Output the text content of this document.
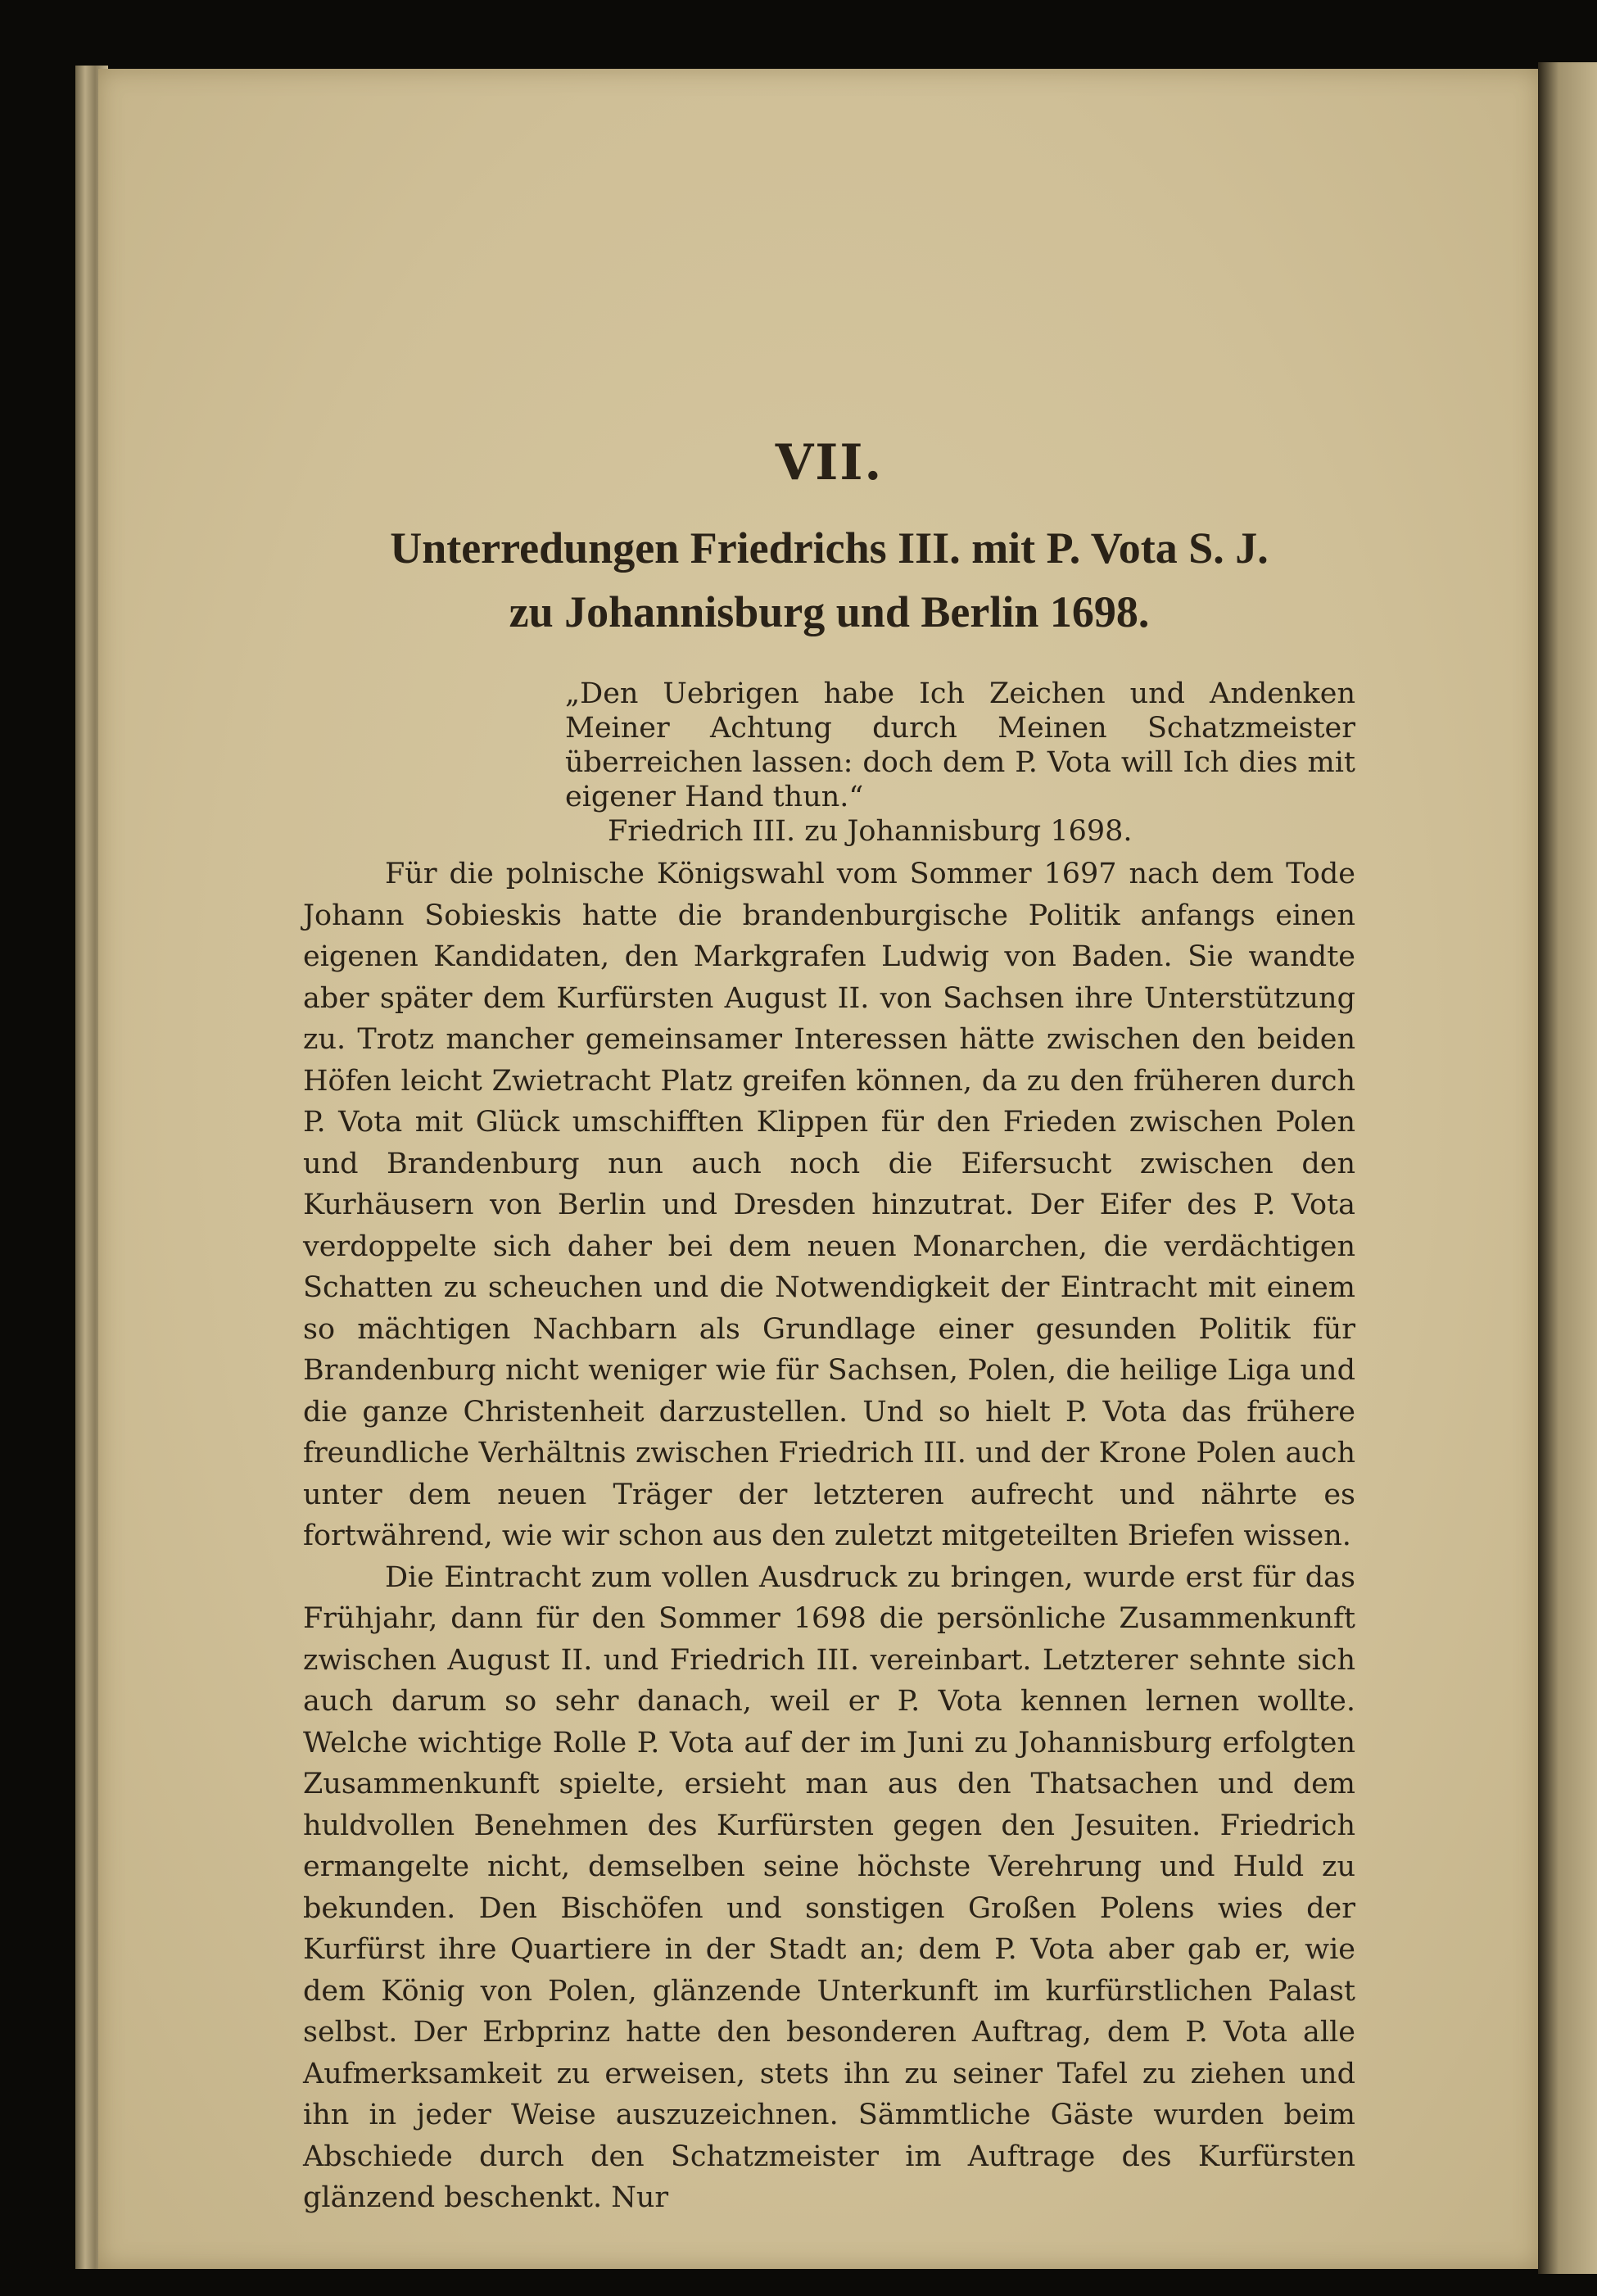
VII.
Unterredungen Friedrichs III. mit P. Vota S. J.
zu Johannisburg und Berlin 1698.
„Den Uebrigen habe Ich Zeichen und Andenken Meiner Achtung durch Meinen Schatzmeister überreichen lassen: doch dem P. Vota will Ich dies mit eigener Hand thun.“
Friedrich III. zu Johannisburg 1698.

Für die polnische Königswahl vom Sommer 1697 nach dem Tode Johann Sobieskis hatte die brandenburgische Politik anfangs einen eigenen Kandidaten, den Markgrafen Ludwig von Baden. Sie wandte aber später dem Kurfürsten August II. von Sachsen ihre Unterstützung zu. Trotz mancher gemeinsamer Interessen hätte zwischen den beiden Höfen leicht Zwietracht Platz greifen können, da zu den früheren durch P. Vota mit Glück umschifften Klippen für den Frieden zwischen Polen und Brandenburg nun auch noch die Eifersucht zwischen den Kurhäusern von Berlin und Dresden hinzutrat. Der Eifer des P. Vota verdoppelte sich daher bei dem neuen Monarchen, die verdächtigen Schatten zu scheuchen und die Notwendigkeit der Eintracht mit einem so mächtigen Nachbarn als Grundlage einer gesunden Politik für Brandenburg nicht weniger wie für Sachsen, Polen, die heilige Liga und die ganze Christenheit darzustellen. Und so hielt P. Vota das frühere freundliche Verhältnis zwischen Friedrich III. und der Krone Polen auch unter dem neuen Träger der letzteren aufrecht und nährte es fortwährend, wie wir schon aus den zuletzt mitgeteilten Briefen wissen.

Die Eintracht zum vollen Ausdruck zu bringen, wurde erst für das Frühjahr, dann für den Sommer 1698 die persönliche Zusammenkunft zwischen August II. und Friedrich III. vereinbart. Letzterer sehnte sich auch darum so sehr danach, weil er P. Vota kennen lernen wollte. Welche wichtige Rolle P. Vota auf der im Juni zu Johannisburg erfolgten Zusammenkunft spielte, ersieht man aus den Thatsachen und dem huldvollen Benehmen des Kurfürsten gegen den Jesuiten. Friedrich ermangelte nicht, demselben seine höchste Verehrung und Huld zu bekunden. Den Bischöfen und sonstigen Großen Polens wies der Kurfürst ihre Quartiere in der Stadt an; dem P. Vota aber gab er, wie dem König von Polen, glänzende Unterkunft im kurfürstlichen Palast selbst. Der Erbprinz hatte den besonderen Auftrag, dem P. Vota alle Aufmerksamkeit zu erweisen, stets ihn zu seiner Tafel zu ziehen und ihn in jeder Weise auszuzeichnen. Sämmtliche Gäste wurden beim Abschiede durch den Schatzmeister im Auftrage des Kurfürsten glänzend beschenkt. Nur
